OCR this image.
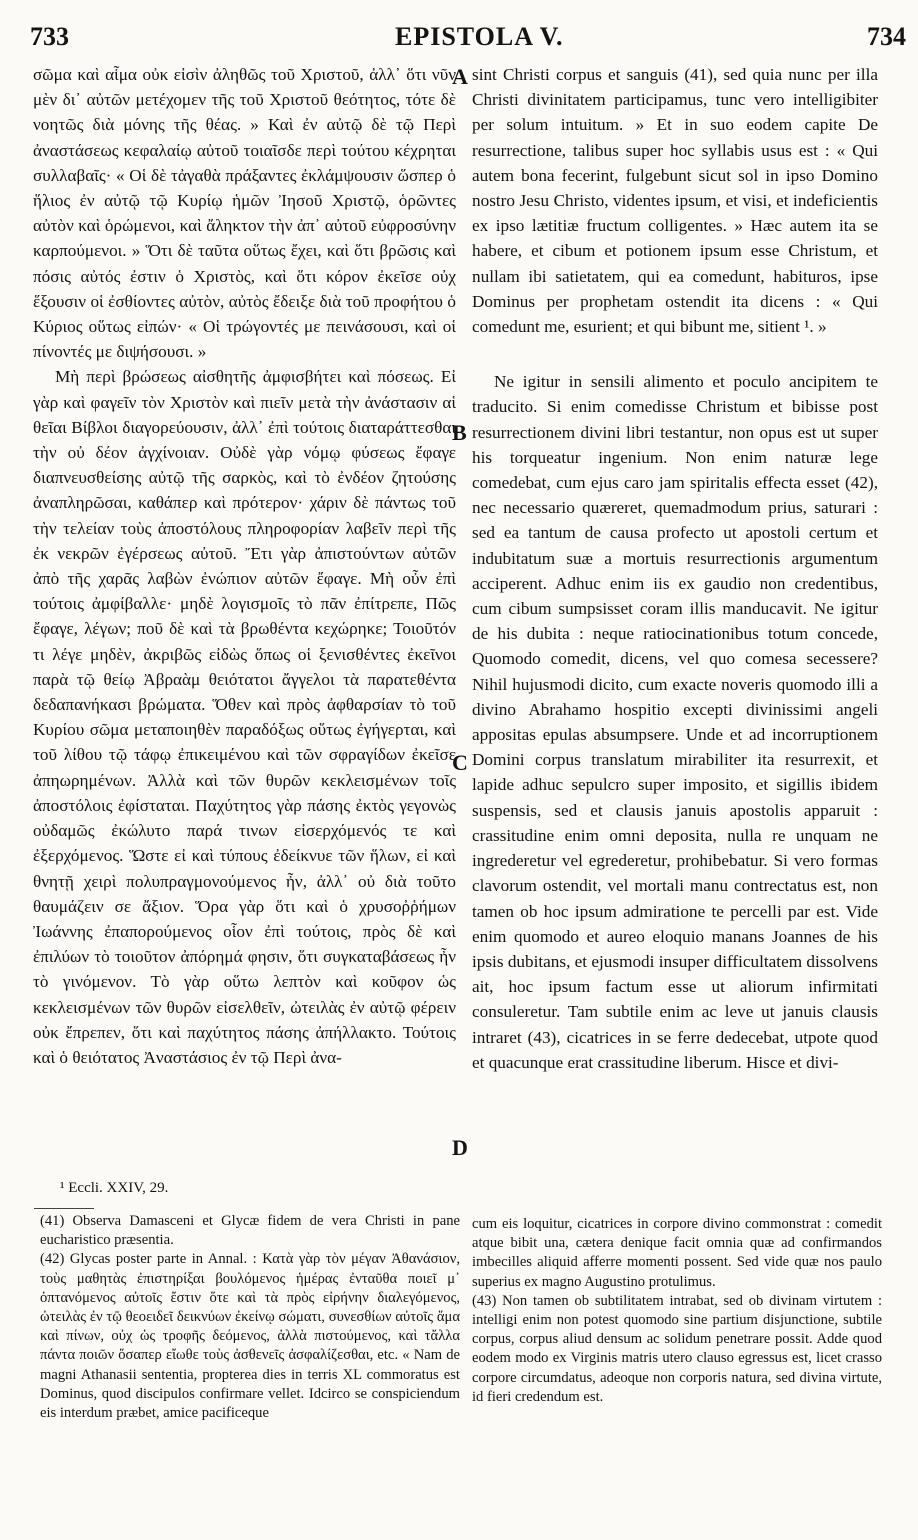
733	EPISTOLA V.	734

σῶμα καὶ αἷμα οὐκ εἰσὶν ἀληθῶς τοῦ Χριστοῦ, ἀλλ᾽ ὅτι νῦν μὲν δι᾽ αὐτῶν μετέχομεν τῆς τοῦ Χριστοῦ θεότητος, τότε δὲ νοητῶς διὰ μόνης τῆς θέας. » Καὶ ἐν αὐτῷ δὲ τῷ Περὶ ἀναστάσεως κεφαλαίῳ αὐτοῦ τοιαῖσδε περὶ τούτου κέχρηται συλλαβαῖς· « Οἱ δὲ τἀγαθὰ πράξαντες ἐκλάμψουσιν ὥσπερ ὁ ἥλιος ἐν αὐτῷ τῷ Κυρίῳ ἡμῶν Ἰησοῦ Χριστῷ, ὁρῶντες αὐτὸν καὶ ὁρώμενοι, καὶ ἄληκτον τὴν ἀπ᾽ αὐτοῦ εὐφροσύνην καρπούμενοι. » Ὅτι δὲ ταῦτα οὕτως ἔχει, καὶ ὅτι βρῶσις καὶ πόσις αὐτός ἐστιν ὁ Χριστὸς, καὶ ὅτι κόρον ἐκεῖσε οὐχ ἕξουσιν οἱ ἐσθίοντες αὐτὸν, αὐτὸς ἔδειξε διὰ τοῦ προφήτου ὁ Κύριος οὕτως εἰπών· « Οἱ τρώγοντές με πεινάσουσι, καὶ οἱ πίνοντές με διψήσουσι. »

Μὴ περὶ βρώσεως αἰσθητῆς ἀμφισβήτει καὶ πόσεως. Εἰ γὰρ καὶ φαγεῖν τὸν Χριστὸν καὶ πιεῖν μετὰ τὴν ἀνάστασιν αἱ θεῖαι Βίβλοι διαγορεύουσιν, ἀλλ᾽ ἐπὶ τούτοις διαταράττεσθαι τὴν οὐ δέον ἀγχίνοιαν. Οὐδὲ γὰρ νόμῳ φύσεως ἔφαγε διαπνευσθείσης αὐτῷ τῆς σαρκὸς, καὶ τὸ ἐνδέον ζητούσης ἀναπληρῶσαι, καθάπερ καὶ πρότερον· χάριν δὲ πάντως τοῦ τὴν τελείαν τοὺς ἀποστόλους πληροφορίαν λαβεῖν περὶ τῆς ἐκ νεκρῶν ἐγέρσεως αὐτοῦ. Ἔτι γὰρ ἀπιστούντων αὐτῶν ἀπὸ τῆς χαρᾶς λαβὼν ἐνώπιον αὐτῶν ἔφαγε. Μὴ οὖν ἐπὶ τούτοις ἀμφίβαλλε· μηδὲ λογισμοῖς τὸ πᾶν ἐπίτρεπε, Πῶς ἔφαγε, λέγων; ποῦ δὲ καὶ τὰ βρωθέντα κεχώρηκε; Τοιοῦτόν τι λέγε μηδὲν, ἀκριβῶς εἰδὼς ὅπως οἱ ξενισθέντες ἐκεῖνοι παρὰ τῷ θείῳ Ἀβραὰμ θειότατοι ἄγγελοι τὰ παρατεθέντα δεδαπανήκασι βρώματα. Ὅθεν καὶ πρὸς ἀφθαρσίαν τὸ τοῦ Κυρίου σῶμα μεταποιηθὲν παραδόξως οὕτως ἐγήγερται, καὶ τοῦ λίθου τῷ τάφῳ ἐπικειμένου καὶ τῶν σφραγίδων ἐκεῖσε ἀπηωρημένων. Ἀλλὰ καὶ τῶν θυρῶν κεκλεισμένων τοῖς ἀποστόλοις ἐφίσταται. Παχύτητος γὰρ πάσης ἐκτὸς γεγονὼς οὐδαμῶς ἐκώλυτο παρά τινων εἰσερχόμενός τε καὶ ἐξερχόμενος. Ὥστε εἰ καὶ τύπους ἐδείκνυε τῶν ἥλων, εἰ καὶ θνητῇ χειρὶ πολυπραγμονούμενος ἦν, ἀλλ᾽ οὐ διὰ τοῦτο θαυμάζειν σε ἄξιον. Ὅρα γὰρ ὅτι καὶ ὁ χρυσοῤῥήμων Ἰωάννης ἐπαπορούμενος οἷον ἐπὶ τούτοις, πρὸς δὲ καὶ ἐπιλύων τὸ τοιοῦτον ἀπόρημά φησιν, ὅτι συγκαταβάσεως ἦν τὸ γινόμενον. Τὸ γὰρ οὕτω λεπτὸν καὶ κοῦφον ὡς κεκλεισμένων τῶν θυρῶν εἰσελθεῖν, ὠτειλὰς ἐν αὐτῷ φέρειν οὐκ ἔπρεπεν, ὅτι καὶ παχύτητος πάσης ἀπήλλακτο. Τούτοις καὶ ὁ θειότατος Ἀναστάσιος ἐν τῷ Περὶ ἀνα-

A
B
C
D

sint Christi corpus et sanguis (41), sed quia nunc per illa Christi divinitatem participamus, tunc vero intelligibiter per solum intuitum. » Et in suo eodem capite De resurrectione, talibus super hoc syllabis usus est : « Qui autem bona fecerint, fulgebunt sicut sol in ipso Domino nostro Jesu Christo, videntes ipsum, et visi, et indeficientis ex ipso lætitiæ fructum colligentes. » Hæc autem ita se habere, et cibum et potionem ipsum esse Christum, et nullam ibi satietatem, qui ea comedunt, habituros, ipse Dominus per prophetam ostendit ita dicens : « Qui comedunt me, esurient; et qui bibunt me, sitient ¹. »

Ne igitur in sensili alimento et poculo ancipitem te traducito. Si enim comedisse Christum et bibisse post resurrectionem divini libri testantur, non opus est ut super his torqueatur ingenium. Non enim naturæ lege comedebat, cum ejus caro jam spiritalis effecta esset (42), nec necessario quæreret, quemadmodum prius, saturari : sed ea tantum de causa profecto ut apostoli certum et indubitatum suæ a mortuis resurrectionis argumentum acciperent. Adhuc enim iis ex gaudio non credentibus, cum cibum sumpsisset coram illis manducavit. Ne igitur de his dubita : neque ratiocinationibus totum concede, Quomodo comedit, dicens, vel quo comesa secessere? Nihil hujusmodi dicito, cum exacte noveris quomodo illi a divino Abrahamo hospitio excepti divinissimi angeli appositas epulas absumpsere. Unde et ad incorruptionem Domini corpus translatum mirabiliter ita resurrexit, et lapide adhuc sepulcro super imposito, et sigillis ibidem suspensis, sed et clausis januis apostolis apparuit : crassitudine enim omni deposita, nulla re unquam ne ingrederetur vel egrederetur, prohibebatur. Si vero formas clavorum ostendit, vel mortali manu contrectatus est, non tamen ob hoc ipsum admiratione te percelli par est. Vide enim quomodo et aureo eloquio manans Joannes de his ipsis dubitans, et ejusmodi insuper difficultatem dissolvens ait, hoc ipsum factum esse ut aliorum infirmitati consuleretur. Tam subtile enim ac leve ut januis clausis intraret (43), cicatrices in se ferre dedecebat, utpote quod et quacunque erat crassitudine liberum. Hisce et divi-

¹ Eccli. XXIV, 29.

(41) Observa Damasceni et Glycæ fidem de vera Christi in pane eucharistico præsentia.

(42) Glycas poster parte in Annal. : Κατὰ γὰρ τὸν μέγαν Ἀθανάσιον, τοὺς μαθητὰς ἐπιστηρίξαι βουλόμενος ἡμέρας ἐνταῦθα ποιεῖ μ᾽ ὀπτανόμενος αὐτοῖς ἔστιν ὅτε καὶ τὰ πρὸς εἰρήνην διαλεγόμενος, ὠτειλὰς ἐν τῷ θεοειδεῖ δεικνύων ἐκείνῳ σώματι, συνεσθίων αὐτοῖς ἅμα καὶ πίνων, οὐχ ὡς τροφῆς δεόμενος, ἀλλὰ πιστούμενος, καὶ τἄλλα πάντα ποιῶν ὅσαπερ εἴωθε τοὺς ἀσθενεῖς ἀσφαλίζεσθαι, etc. « Nam de magni Athanasii sententia, propterea dies in terris XL commoratus est Dominus, quod discipulos confirmare vellet. Idcirco se conspiciendum eis interdum præbet, amice pacificeque

cum eis loquitur, cicatrices in corpore divino commonstrat : comedit atque bibit una, cætera denique facit omnia quæ ad confirmandos imbecilles aliquid afferre momenti possent. Sed vide quæ nos paulo superius ex magno Augustino protulimus.

(43) Non tamen ob subtilitatem intrabat, sed ob divinam virtutem : intelligi enim non potest quomodo sine partium disjunctione, subtile corpus, corpus aliud densum ac solidum penetrare possit. Adde quod eodem modo ex Virginis matris utero clauso egressus est, licet crasso corpore circumdatus, adeoque non corporis natura, sed divina virtute, id fieri credendum est.
